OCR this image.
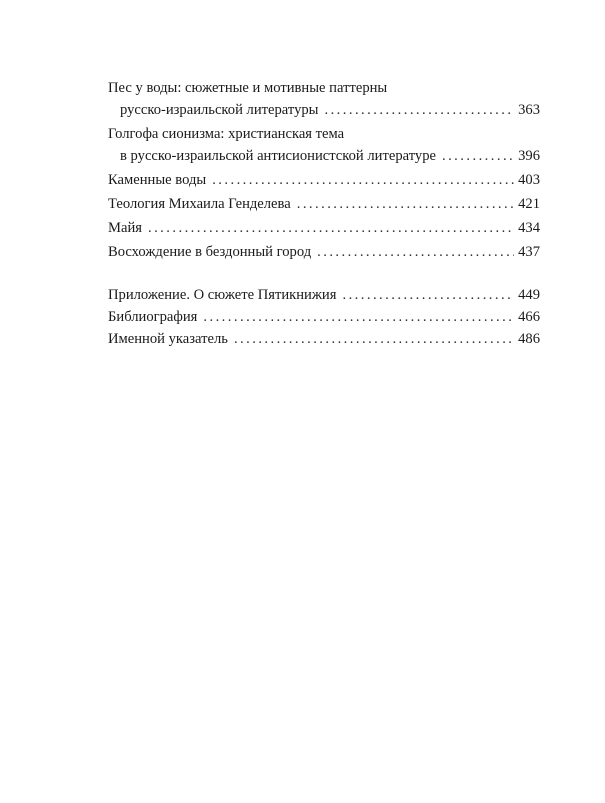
Пес у воды: сюжетные и мотивные паттерны
русско-израильской литературы . . .	363
Голгофа сионизма: христианская тема
в русско-израильской антисионистской литературе . . .	396
Каменные воды . . .	403
Теология Михаила Генделева . . .	421
Майя . . .	434
Восхождение в бездонный город . . .	437
Приложение. О сюжете Пятикнижия . . .	449
Библиография . . .	466
Именной указатель . . .	486
